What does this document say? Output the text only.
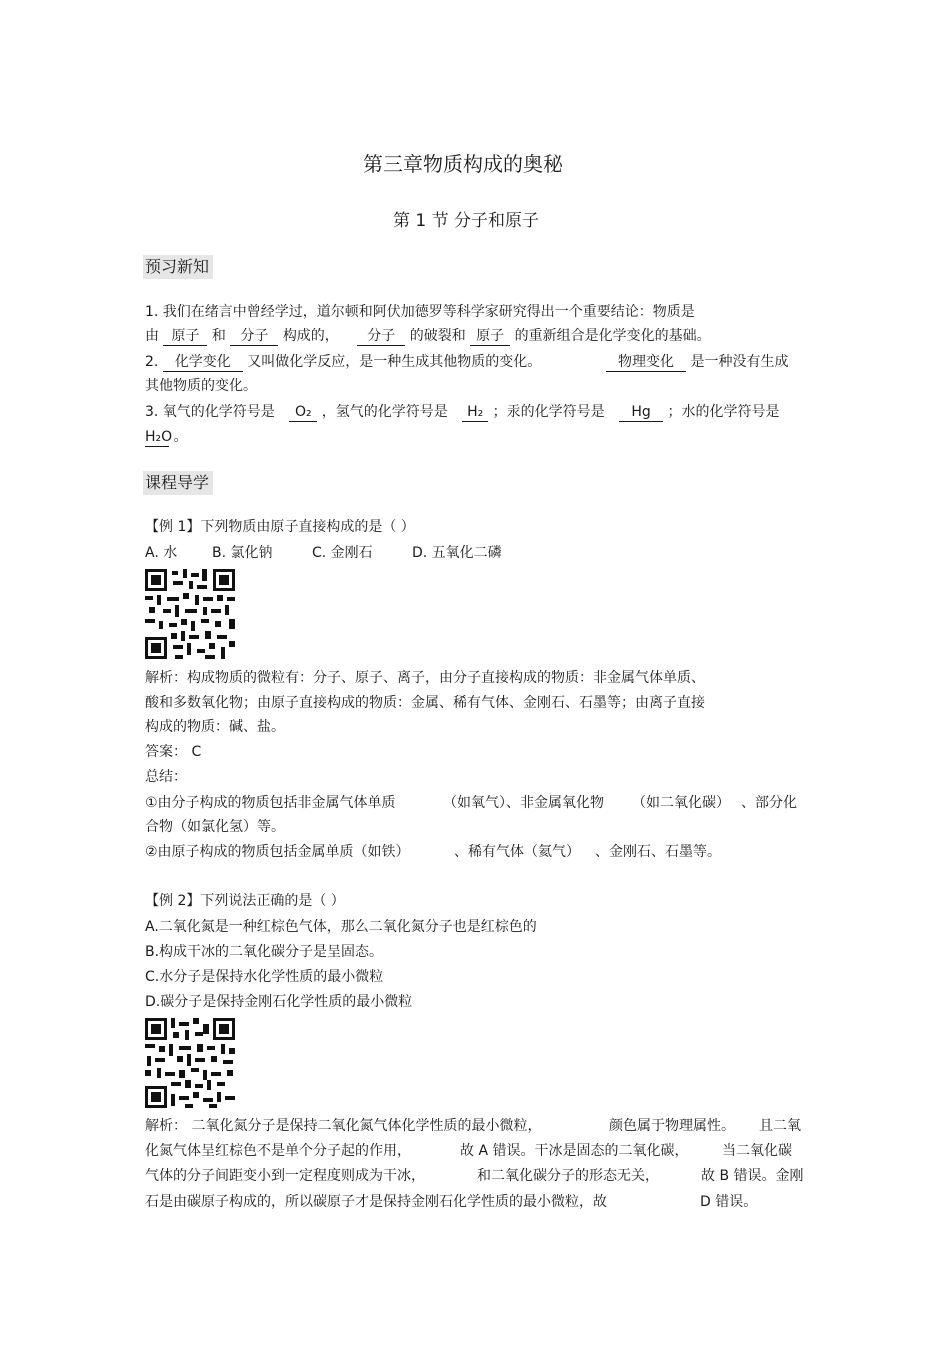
第三章物质构成的奥秘
第 1 节 分子和原子
预习新知
1. 我们在绪言中曾经学过，道尔顿和阿伏加德罗等科学家研究得出一个重要结论：物质是
由 原子 和 分子 构成的， 分子 的破裂和 原子 的重新组合是化学变化的基础。
2. 化学变化 又叫做化学反应，是一种生成其他物质的变化。	物理变化 是一种没有生成
其他物质的变化。
3. 氧气的化学符号是 O₂ ，氢气的化学符号是 H₂ ；汞的化学符号是 Hg ；水的化学符号是
H₂O 。
课程导学
【例 1】下列物质由原子直接构成的是（ ）
A. 水 B. 氯化钠	C. 金刚石	D. 五氧化二磷
解析：构成物质的微粒有：分子、原子、离子，由分子直接构成的物质：非金属气体单质、
酸和多数氧化物；由原子直接构成的物质：金属、稀有气体、金刚石、石墨等；由离子直接
构成的物质：碱、盐。
答案： C
总结：
①由分子构成的物质包括非金属气体单质	（如氧气）、非金属氧化物 （如二氧化碳） 、部分化
合物（如氯化氢）等。
②由原子构成的物质包括金属单质（如铁）	、稀有气体（氦气） 、金刚石、石墨等。
【例 2】下列说法正确的是（ ）
A.二氧化氮是一种红棕色气体，那么二氧化氮分子也是红棕色的
B.构成干冰的二氧化碳分子是呈固态。
C.水分子是保持水化学性质的最小微粒
D.碳分子是保持金刚石化学性质的最小微粒
解析： 二氧化氮分子是保持二氧化氮气体化学性质的最小微粒，	颜色属于物理属性。 且二氧
化氮气体呈红棕色不是单个分子起的作用，	故 A 错误。干冰是固态的二氧化碳， 当二氧化碳
气体的分子间距变小到一定程度则成为干冰，	和二氧化碳分子的形态无关，	故 B 错误。金刚
石是由碳原子构成的，所以碳原子才是保持金刚石化学性质的最小微粒，故	D 错误。
